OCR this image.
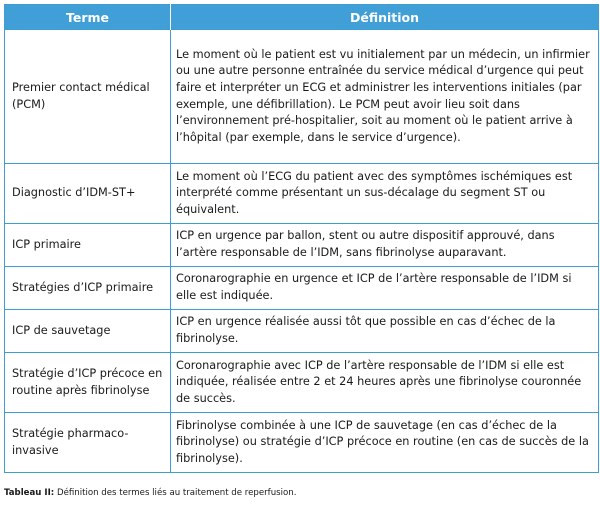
Terme	Définition
Premier contact médical (PCM)	Le moment où le patient est vu initialement par un médecin, un infirmier ou une autre personne entraînée du service médical d’urgence qui peut faire et interpréter un ECG et administrer les interventions initiales (par exemple, une défibrillation). Le PCM peut avoir lieu soit dans l’environnement pré-hospitalier, soit au moment où le patient arrive à l’hôpital (par exemple, dans le service d’urgence).
Diagnostic d’IDM-ST+	Le moment où l’ECG du patient avec des symptômes ischémiques est interprété comme présentant un sus-décalage du segment ST ou équivalent.
ICP primaire	ICP en urgence par ballon, stent ou autre dispositif approuvé, dans l’artère responsable de l’IDM, sans fibrinolyse auparavant.
Stratégies d’ICP primaire	Coronarographie en urgence et ICP de l’artère responsable de l’IDM si elle est indiquée.
ICP de sauvetage	ICP en urgence réalisée aussi tôt que possible en cas d’échec de la fibrinolyse.
Stratégie d’ICP précoce en routine après fibrinolyse	Coronarographie avec ICP de l’artère responsable de l’IDM si elle est indiquée, réalisée entre 2 et 24 heures après une fibrinolyse couronnée de succès.
Stratégie pharmaco-invasive	Fibrinolyse combinée à une ICP de sauvetage (en cas d’échec de la fibrinolyse) ou stratégie d’ICP précoce en routine (en cas de succès de la fibrinolyse).
Tableau II: Définition des termes liés au traitement de reperfusion.
